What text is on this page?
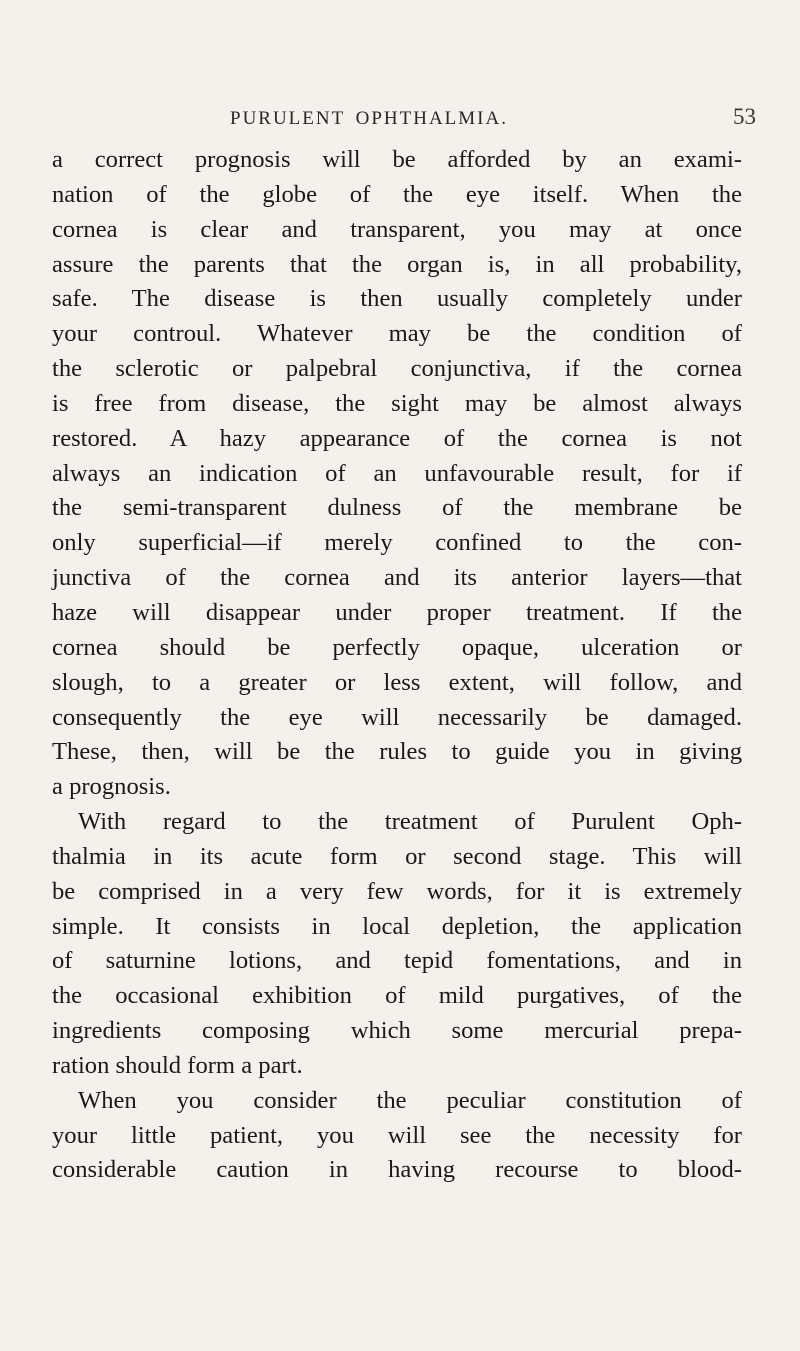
PURULENT OPHTHALMIA.	53
a correct prognosis will be afforded by an exami-
nation of the globe of the eye itself. When the
cornea is clear and transparent, you may at once
assure the parents that the organ is, in all probability,
safe. The disease is then usually completely under
your controul. Whatever may be the condition of
the sclerotic or palpebral conjunctiva, if the cornea
is free from disease, the sight may be almost always
restored. A hazy appearance of the cornea is not
always an indication of an unfavourable result, for if
the semi-transparent dulness of the membrane be
only superficial—if merely confined to the con-
junctiva of the cornea and its anterior layers—that
haze will disappear under proper treatment. If the
cornea should be perfectly opaque, ulceration or
slough, to a greater or less extent, will follow, and
consequently the eye will necessarily be damaged.
These, then, will be the rules to guide you in giving
a prognosis.
With regard to the treatment of Purulent Oph-
thalmia in its acute form or second stage. This will
be comprised in a very few words, for it is extremely
simple. It consists in local depletion, the application
of saturnine lotions, and tepid fomentations, and in
the occasional exhibition of mild purgatives, of the
ingredients composing which some mercurial prepa-
ration should form a part.
When you consider the peculiar constitution of
your little patient, you will see the necessity for
considerable caution in having recourse to blood-
